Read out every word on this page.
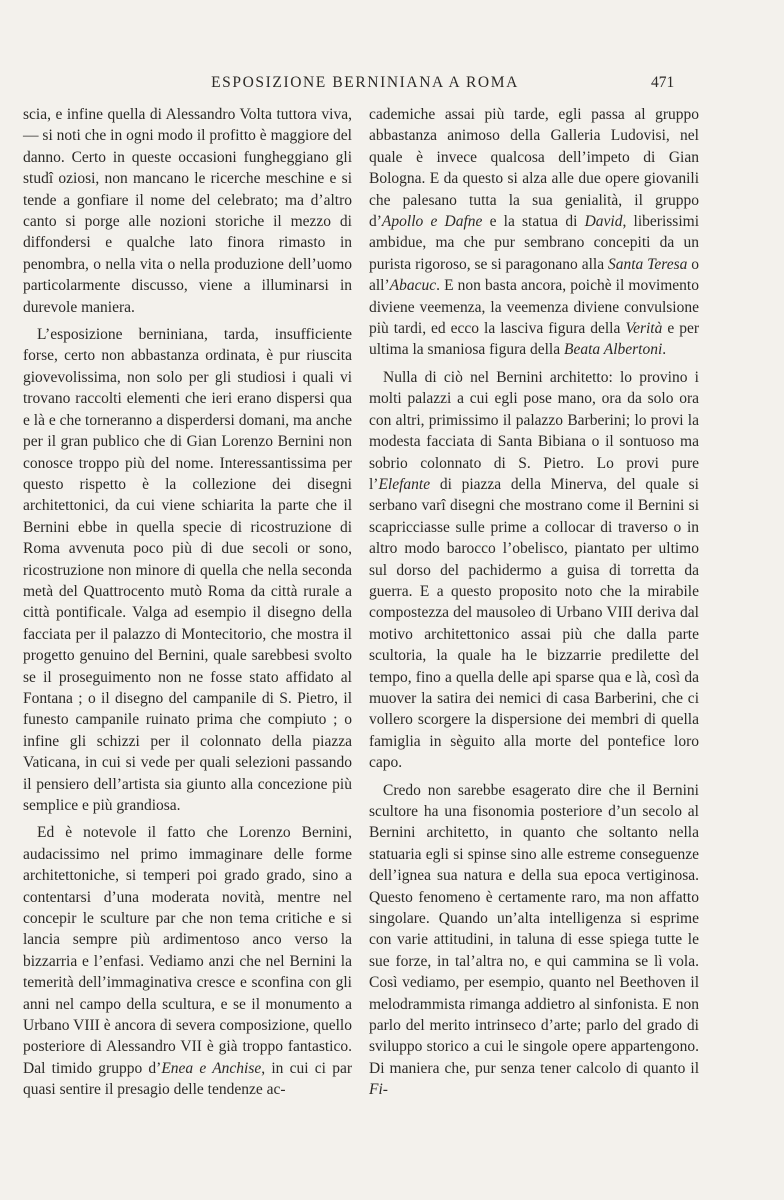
ESPOSIZIONE BERNINIANA A ROMA	471

scia, e infine quella di Alessandro Volta tuttora viva, — si noti che in ogni modo il profitto è maggiore del danno. Certo in queste occasioni fungheggiano gli studî oziosi, non mancano le ricerche meschine e si tende a gonfiare il nome del celebrato; ma d’altro canto si porge alle nozioni storiche il mezzo di diffondersi e qualche lato finora rimasto in penombra, o nella vita o nella produzione dell’uomo particolarmente discusso, viene a illuminarsi in durevole maniera.

L’esposizione berniniana, tarda, insufficiente forse, certo non abbastanza ordinata, è pur riuscita giovevolissima, non solo per gli studiosi i quali vi trovano raccolti elementi che ieri erano dispersi qua e là e che torneranno a disperdersi domani, ma anche per il gran publico che di Gian Lorenzo Bernini non conosce troppo più del nome. Interessantissima per questo rispetto è la collezione dei disegni architettonici, da cui viene schiarita la parte che il Bernini ebbe in quella specie di ricostruzione di Roma avvenuta poco più di due secoli or sono, ricostruzione non minore di quella che nella seconda metà del Quattrocento mutò Roma da città rurale a città pontificale. Valga ad esempio il disegno della facciata per il palazzo di Montecitorio, che mostra il progetto genuino del Bernini, quale sarebbesi svolto se il proseguimento non ne fosse stato affidato al Fontana ; o il disegno del campanile di S. Pietro, il funesto campanile ruinato prima che compiuto ; o infine gli schizzi per il colonnato della piazza Vaticana, in cui si vede per quali selezioni passando il pensiero dell’artista sia giunto alla concezione più semplice e più grandiosa.

Ed è notevole il fatto che Lorenzo Bernini, audacissimo nel primo immaginare delle forme architettoniche, si temperi poi grado grado, sino a contentarsi d’una moderata novità, mentre nel concepir le sculture par che non tema critiche e si lancia sempre più ardimentoso anco verso la bizzarria e l’enfasi. Vediamo anzi che nel Bernini la temerità dell’immaginativa cresce e sconfina con gli anni nel campo della scultura, e se il monumento a Urbano VIII è ancora di severa composizione, quello posteriore di Alessandro VII è già troppo fantastico. Dal timido gruppo d’Enea e Anchise, in cui ci par quasi sentire il presagio delle tendenze ac-

cademiche assai più tarde, egli passa al gruppo abbastanza animoso della Galleria Ludovisi, nel quale è invece qualcosa dell’impeto di Gian Bologna. E da questo si alza alle due opere giovanili che palesano tutta la sua genialità, il gruppo d’Apollo e Dafne e la statua di David, liberissimi ambidue, ma che pur sembrano concepiti da un purista rigoroso, se si paragonano alla Santa Teresa o all’Abacuc. E non basta ancora, poichè il movimento diviene veemenza, la veemenza diviene convulsione più tardi, ed ecco la lasciva figura della Verità e per ultima la smaniosa figura della Beata Albertoni.

Nulla di ciò nel Bernini architetto: lo provino i molti palazzi a cui egli pose mano, ora da solo ora con altri, primissimo il palazzo Barberini; lo provi la modesta facciata di Santa Bibiana o il sontuoso ma sobrio colonnato di S. Pietro. Lo provi pure l’Elefante di piazza della Minerva, del quale si serbano varî disegni che mostrano come il Bernini si scapricciasse sulle prime a collocar di traverso o in altro modo barocco l’obelisco, piantato per ultimo sul dorso del pachidermo a guisa di torretta da guerra. E a questo proposito noto che la mirabile compostezza del mausoleo di Urbano VIII deriva dal motivo architettonico assai più che dalla parte scultoria, la quale ha le bizzarrie predilette del tempo, fino a quella delle api sparse qua e là, così da muover la satira dei nemici di casa Barberini, che ci vollero scorgere la dispersione dei membri di quella famiglia in sèguito alla morte del pontefice loro capo.

Credo non sarebbe esagerato dire che il Bernini scultore ha una fisonomia posteriore d’un secolo al Bernini architetto, in quanto che soltanto nella statuaria egli si spinse sino alle estreme conseguenze dell’ignea sua natura e della sua epoca vertiginosa. Questo fenomeno è certamente raro, ma non affatto singolare. Quando un’alta intelligenza si esprime con varie attitudini, in taluna di esse spiega tutte le sue forze, in tal’altra no, e qui cammina se lì vola. Così vediamo, per esempio, quanto nel Beethoven il melodrammista rimanga addietro al sinfonista. E non parlo del merito intrinseco d’arte; parlo del grado di sviluppo storico a cui le singole opere appartengono. Di maniera che, pur senza tener calcolo di quanto il Fi-
